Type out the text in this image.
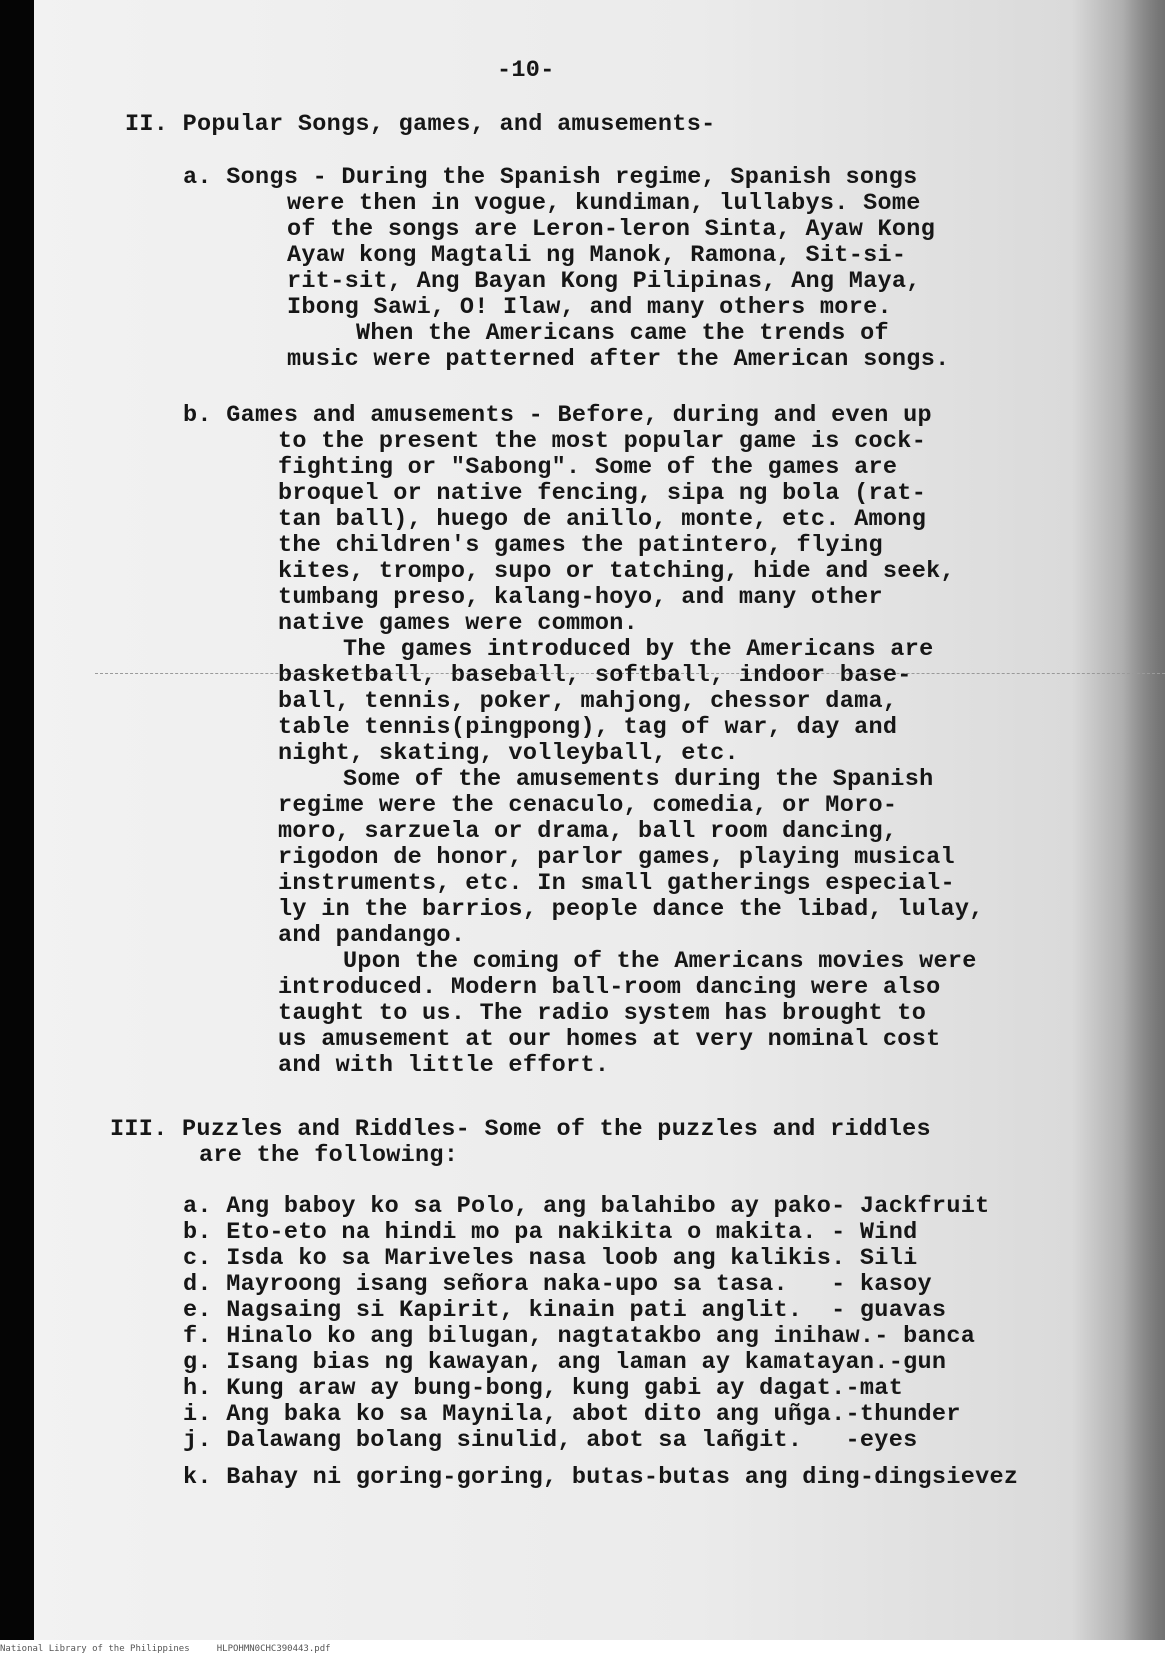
-10-
II. Popular Songs, games, and amusements-
a. Songs - During the Spanish regime, Spanish songs
were then in vogue, kundiman, lullabys. Some
of the songs are Leron-leron Sinta, Ayaw Kong
Ayaw kong Magtali ng Manok, Ramona, Sit-si-
rit-sit, Ang Bayan Kong Pilipinas, Ang Maya,
Ibong Sawi, O! Ilaw, and many others more.
When the Americans came the trends of
music were patterned after the American songs.
b. Games and amusements - Before, during and even up
to the present the most popular game is cock-
fighting or "Sabong". Some of the games are
broquel or native fencing, sipa ng bola (rat-
tan ball), huego de anillo, monte, etc. Among
the children's games the patintero, flying
kites, trompo, supo or tatching, hide and seek,
tumbang preso, kalang-hoyo, and many other
native games were common.
The games introduced by the Americans are
basketball, baseball, softball, indoor base-
ball, tennis, poker, mahjong, chessor dama,
table tennis(pingpong), tag of war, day and
night, skating, volleyball, etc.
Some of the amusements during the Spanish
regime were the cenaculo, comedia, or Moro-
moro, sarzuela or drama, ball room dancing,
rigodon de honor, parlor games, playing musical
instruments, etc. In small gatherings especial-
ly in the barrios, people dance the libad, lulay,
and pandango.
Upon the coming of the Americans movies were
introduced. Modern ball-room dancing were also
taught to us. The radio system has brought to
us amusement at our homes at very nominal cost
and with little effort.
III. Puzzles and Riddles- Some of the puzzles and riddles
are the following:
a. Ang baboy ko sa Polo, ang balahibo ay pako- Jackfruit
b. Eto-eto na hindi mo pa nakikita o makita. - Wind
c. Isda ko sa Mariveles nasa loob ang kalikis. Sili
d. Mayroong isang señora naka-upo sa tasa.   - kasoy
e. Nagsaing si Kapirit, kinain pati anglit.  - guavas
f. Hinalo ko ang bilugan, nagtatakbo ang inihaw.- banca
g. Isang bias ng kawayan, ang laman ay kamatayan.-gun
h. Kung araw ay bung-bong, kung gabi ay dagat.-mat
i. Ang baka ko sa Maynila, abot dito ang uñga.-thunder
j. Dalawang bolang sinulid, abot sa lañgit.   -eyes
k. Bahay ni goring-goring, butas-butas ang ding-dingsievez
National Library of the Philippines     HLPOHMN0CHC390443.pdf
